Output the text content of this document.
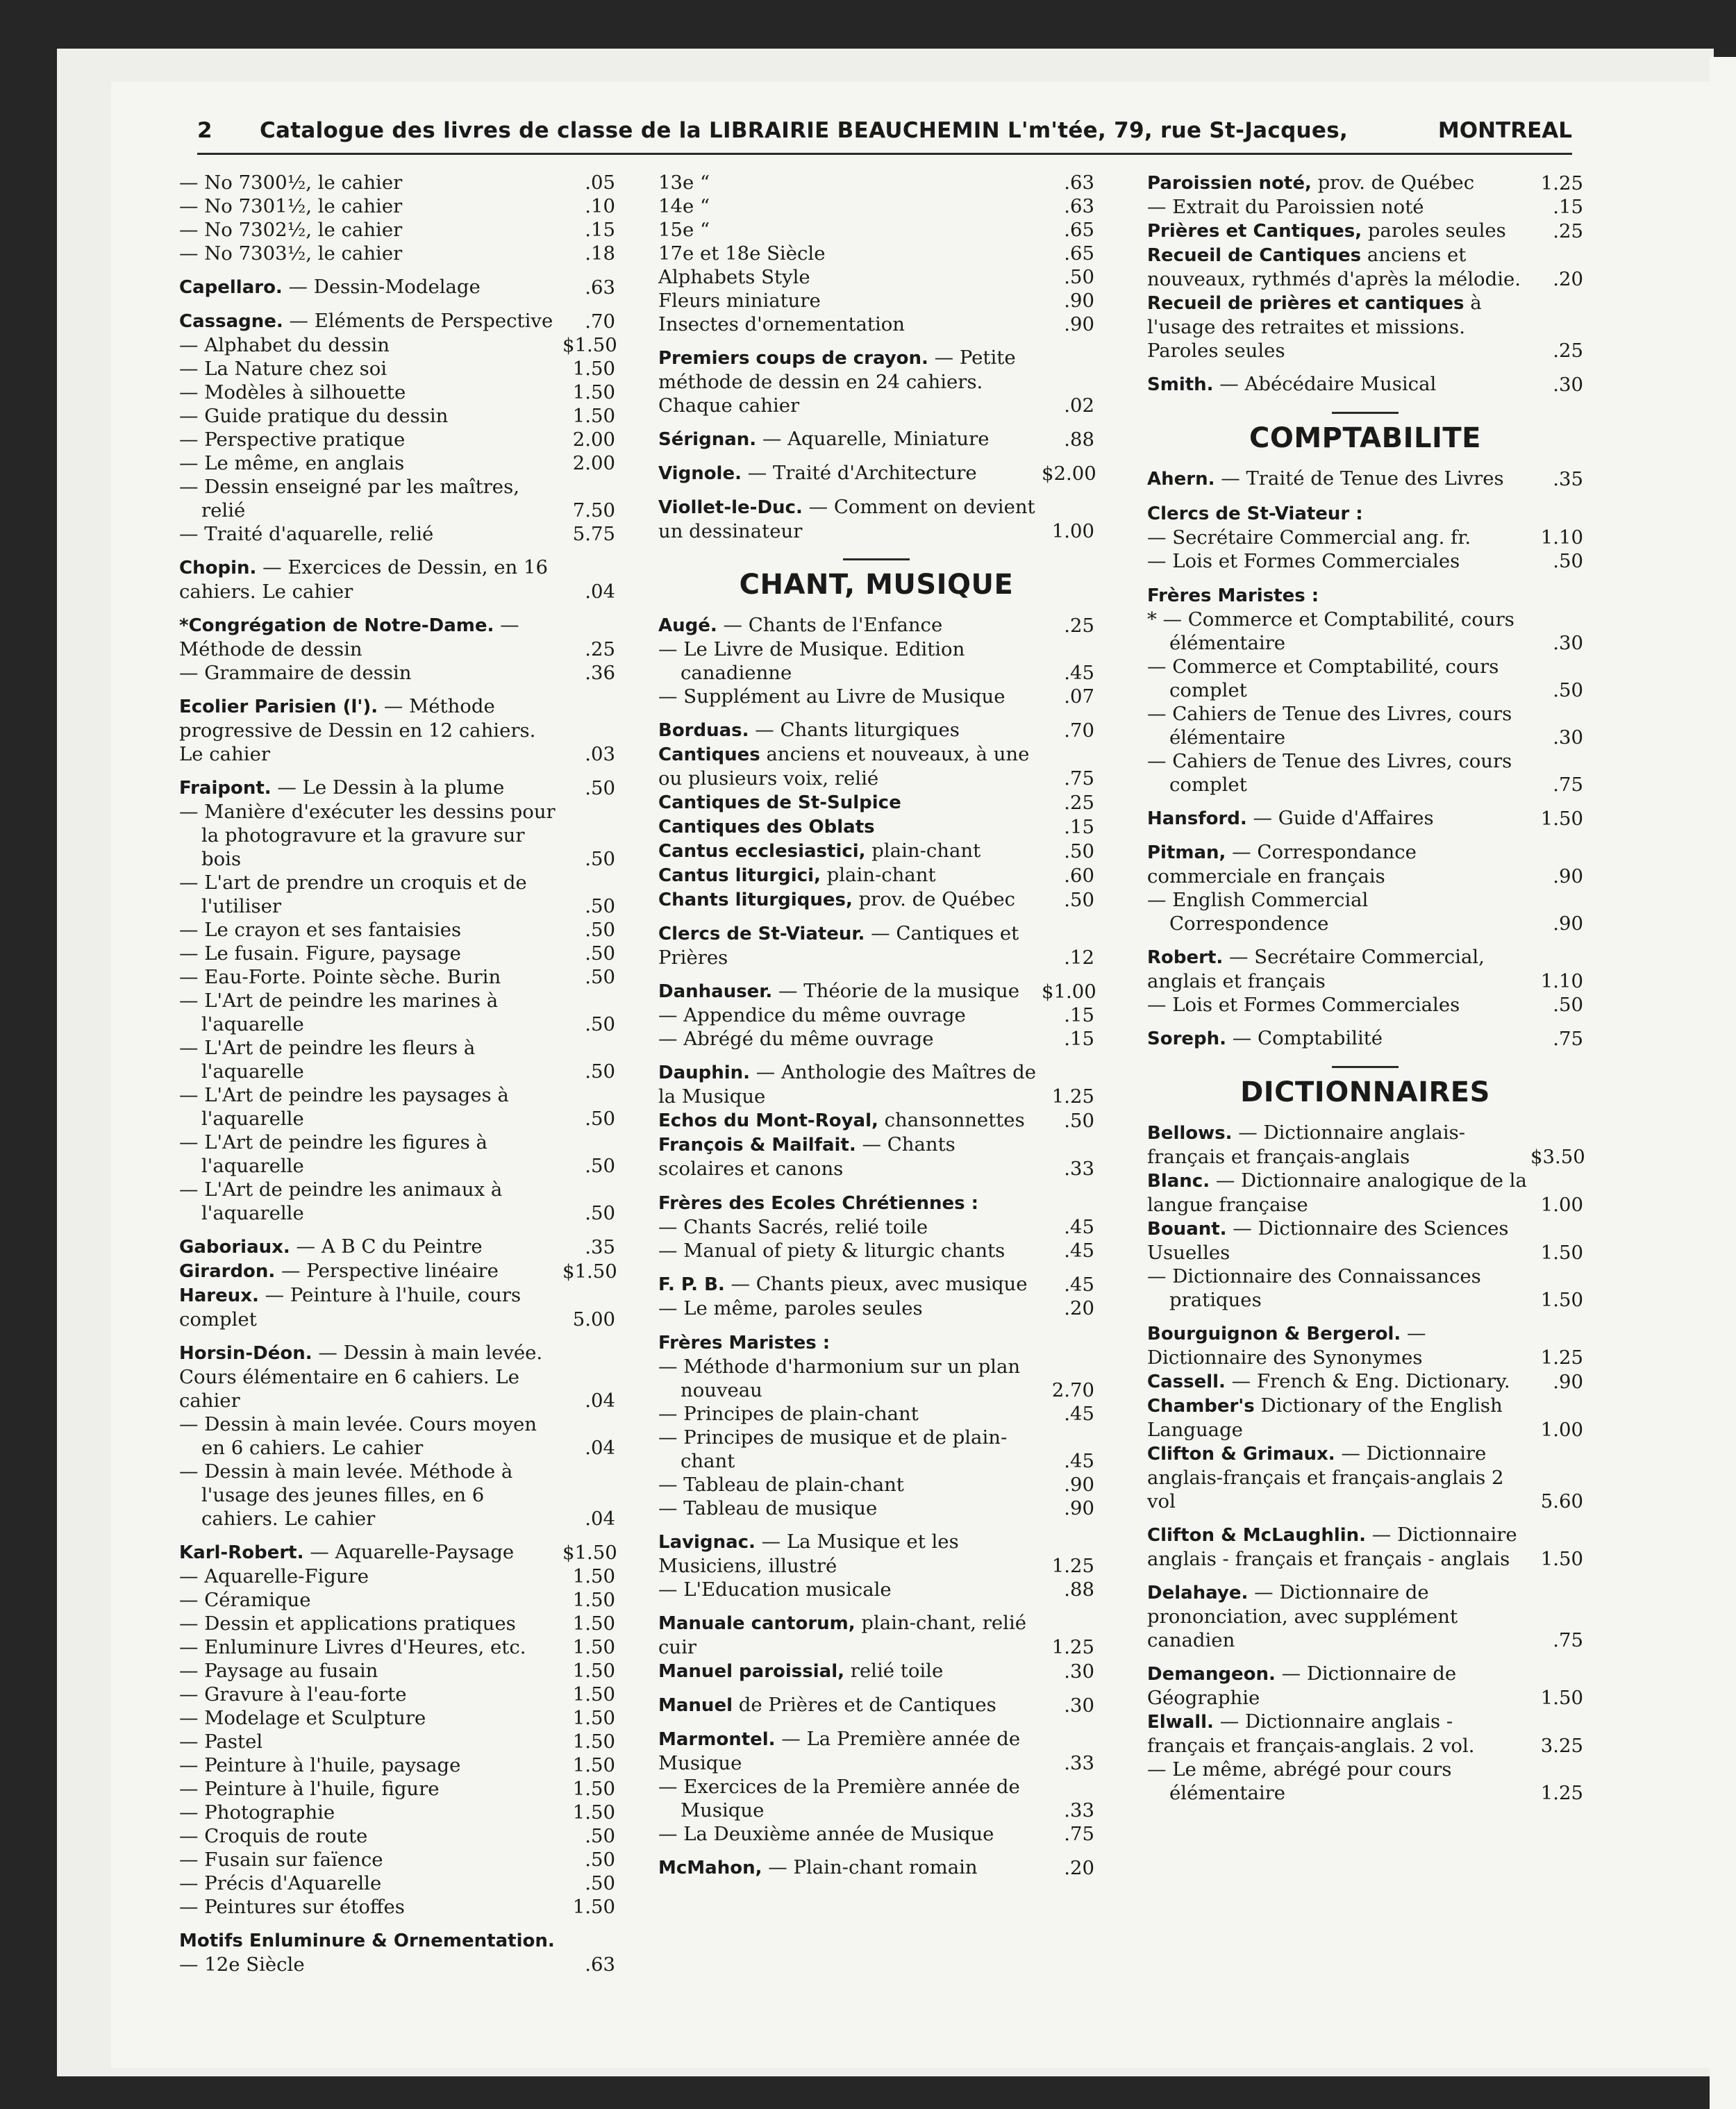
2 Catalogue des livres de classe de la LIBRAIRIE BEAUCHEMIN L'm'tée, 79, rue St-Jacques,	MONTREAL
— No 7300½, le cahier	.05
— No 7301½, le cahier	.10
— No 7302½, le cahier	.15
— No 7303½, le cahier	.18
Capellaro. — Dessin-Modelage	.63
Cassagne. — Eléments de Perspective	.70
— Alphabet du dessin	$1.50
— La Nature chez soi	1.50
— Modèles à silhouette	1.50
— Guide pratique du dessin	1.50
— Perspective pratique	2.00
— Le même, en anglais	2.00
— Dessin enseigné par les maîtres, relié	7.50
— Traité d'aquarelle, relié	5.75
Chopin. — Exercices de Dessin, en 16 cahiers. Le cahier	.04
*Congrégation de Notre-Dame. — Méthode de dessin	.25
— Grammaire de dessin	.36
Ecolier Parisien (l'). — Méthode progressive de Dessin en 12 cahiers. Le cahier	.03
Fraipont. — Le Dessin à la plume	.50
— Manière d'exécuter les dessins pour la photogravure et la gravure sur bois	.50
— L'art de prendre un croquis et de l'utiliser	.50
— Le crayon et ses fantaisies	.50
— Le fusain. Figure, paysage	.50
— Eau-Forte. Pointe sèche. Burin	.50
— L'Art de peindre les marines à l'aquarelle	.50
— L'Art de peindre les fleurs à l'aquarelle	.50
— L'Art de peindre les paysages à l'aquarelle	.50
— L'Art de peindre les figures à l'aquarelle	.50
— L'Art de peindre les animaux à l'aquarelle	.50
Gaboriaux. — A B C du Peintre	.35
Girardon. — Perspective linéaire	$1.50
Hareux. — Peinture à l'huile, cours complet	5.00
Horsin-Déon. — Dessin à main levée. Cours élémentaire en 6 cahiers. Le cahier	.04
— Dessin à main levée. Cours moyen en 6 cahiers. Le cahier	.04
— Dessin à main levée. Méthode à l'usage des jeunes filles, en 6 cahiers. Le cahier	.04
Karl-Robert. — Aquarelle-Paysage	$1.50
— Aquarelle-Figure	1.50
— Céramique	1.50
— Dessin et applications pratiques	1.50
— Enluminure Livres d'Heures, etc.	1.50
— Paysage au fusain	1.50
— Gravure à l'eau-forte	1.50
— Modelage et Sculpture	1.50
— Pastel	1.50
— Peinture à l'huile, paysage	1.50
— Peinture à l'huile, figure	1.50
— Photographie	1.50
— Croquis de route	.50
— Fusain sur faïence	.50
— Précis d'Aquarelle	.50
— Peintures sur étoffes	1.50
Motifs Enluminure & Ornementation. — 12e Siècle	.63
13e “	.63
14e “	.63
15e “	.65
17e et 18e Siècle	.65
Alphabets Style	.50
Fleurs miniature	.90
Insectes d'ornementation	.90
Premiers coups de crayon. — Petite méthode de dessin en 24 cahiers. Chaque cahier	.02
Sérignan. — Aquarelle, Miniature	.88
Vignole. — Traité d'Architecture	$2.00
Viollet-le-Duc. — Comment on devient un dessinateur	1.00
CHANT, MUSIQUE
Augé. — Chants de l'Enfance	.25
— Le Livre de Musique. Edition canadienne	.45
— Supplément au Livre de Musique	.07
Borduas. — Chants liturgiques	.70
Cantiques anciens et nouveaux, à une ou plusieurs voix, relié	.75
Cantiques de St-Sulpice	.25
Cantiques des Oblats	.15
Cantus ecclesiastici, plain-chant	.50
Cantus liturgici, plain-chant	.60
Chants liturgiques, prov. de Québec	.50
Clercs de St-Viateur. — Cantiques et Prières	.12
Danhauser. — Théorie de la musique	$1.00
— Appendice du même ouvrage	.15
— Abrégé du même ouvrage	.15
Dauphin. — Anthologie des Maîtres de la Musique	1.25
Echos du Mont-Royal, chansonnettes	.50
François & Mailfait. — Chants scolaires et canons	.33
Frères des Ecoles Chrétiennes :
— Chants Sacrés, relié toile	.45
— Manual of piety & liturgic chants	.45
F. P. B. — Chants pieux, avec musique	.45
— Le même, paroles seules	.20
Frères Maristes :
— Méthode d'harmonium sur un plan nouveau	2.70
— Principes de plain-chant	.45
— Principes de musique et de plain-chant	.45
— Tableau de plain-chant	.90
— Tableau de musique	.90
Lavignac. — La Musique et les Musiciens, illustré	1.25
— L'Education musicale	.88
Manuale cantorum, plain-chant, relié cuir	1.25
Manuel paroissial, relié toile	.30
Manuel de Prières et de Cantiques	.30
Marmontel. — La Première année de Musique	.33
— Exercices de la Première année de Musique	.33
— La Deuxième année de Musique	.75
McMahon, — Plain-chant romain	.20
Paroissien noté, prov. de Québec	1.25
— Extrait du Paroissien noté	.15
Prières et Cantiques, paroles seules	.25
Recueil de Cantiques anciens et nouveaux, rythmés d'après la mélodie.	.20
Recueil de prières et cantiques à l'usage des retraites et missions. Paroles seules	.25
Smith. — Abécédaire Musical	.30
COMPTABILITE
Ahern. — Traité de Tenue des Livres	.35
Clercs de St-Viateur :
— Secrétaire Commercial ang. fr.	1.10
— Lois et Formes Commerciales	.50
Frères Maristes :
* — Commerce et Comptabilité, cours élémentaire	.30
— Commerce et Comptabilité, cours complet	.50
— Cahiers de Tenue des Livres, cours élémentaire	.30
— Cahiers de Tenue des Livres, cours complet	.75
Hansford. — Guide d'Affaires	1.50
Pitman, — Correspondance commerciale en français	.90
— English Commercial Correspondence	.90
Robert. — Secrétaire Commercial, anglais et français	1.10
— Lois et Formes Commerciales	.50
Soreph. — Comptabilité	.75
DICTIONNAIRES
Bellows. — Dictionnaire anglais-français et français-anglais	$3.50
Blanc. — Dictionnaire analogique de la langue française	1.00
Bouant. — Dictionnaire des Sciences Usuelles	1.50
— Dictionnaire des Connaissances pratiques	1.50
Bourguignon & Bergerol. — Dictionnaire des Synonymes	1.25
Cassell. — French & Eng. Dictionary.	.90
Chamber's Dictionary of the English Language	1.00
Clifton & Grimaux. — Dictionnaire anglais-français et français-anglais 2 vol	5.60
Clifton & McLaughlin. — Dictionnaire anglais - français et français - anglais	1.50
Delahaye. — Dictionnaire de prononciation, avec supplément canadien	.75
Demangeon. — Dictionnaire de Géographie	1.50
Elwall. — Dictionnaire anglais - français et français-anglais. 2 vol.	3.25
— Le même, abrégé pour cours élémentaire	1.25
